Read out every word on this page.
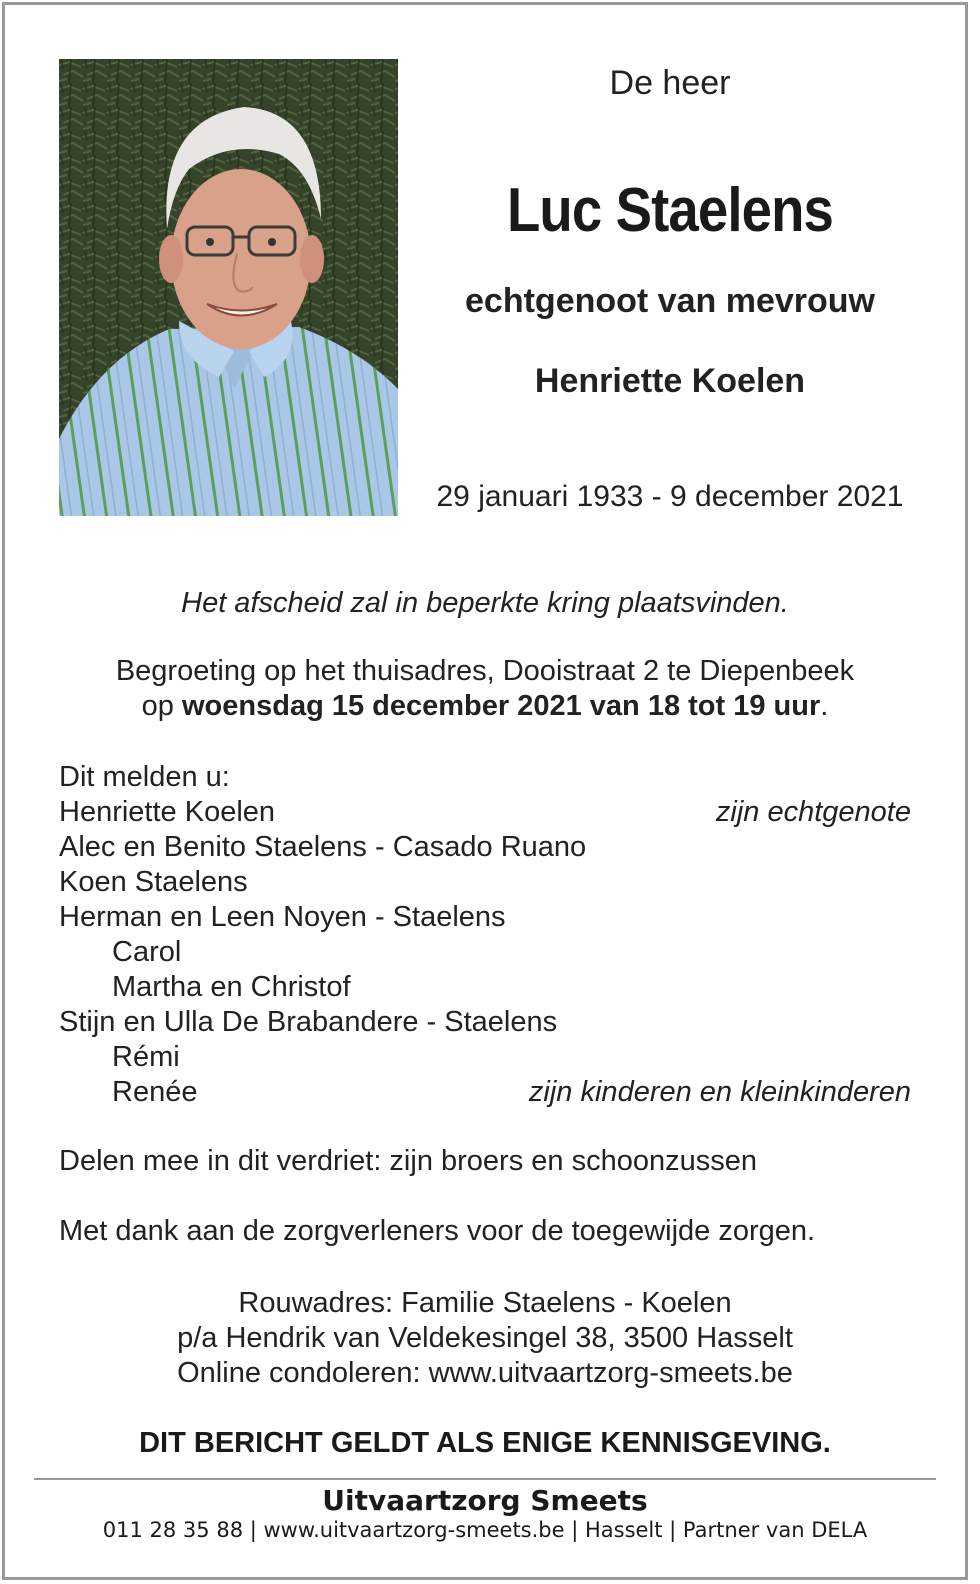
De heer
Luc Staelens
echtgenoot van mevrouw
Henriette Koelen
29 januari 1933 - 9 december 2021
Het afscheid zal in beperkte kring plaatsvinden.
Begroeting op het thuisadres, Dooistraat 2 te Diepenbeek
op woensdag 15 december 2021 van 18 tot 19 uur.
Dit melden u:
Henriette Koelen	zijn echtgenote
Alec en Benito Staelens - Casado Ruano
Koen Staelens
Herman en Leen Noyen - Staelens
Carol
Martha en Christof
Stijn en Ulla De Brabandere - Staelens
Rémi
Renée	zijn kinderen en kleinkinderen
Delen mee in dit verdriet: zijn broers en schoonzussen
Met dank aan de zorgverleners voor de toegewijde zorgen.
Rouwadres: Familie Staelens - Koelen
p/a Hendrik van Veldekesingel 38, 3500 Hasselt
Online condoleren: www.uitvaartzorg-smeets.be
DIT BERICHT GELDT ALS ENIGE KENNISGEVING.
Uitvaartzorg Smeets
011 28 35 88 | www.uitvaartzorg-smeets.be | Hasselt | Partner van DELA
